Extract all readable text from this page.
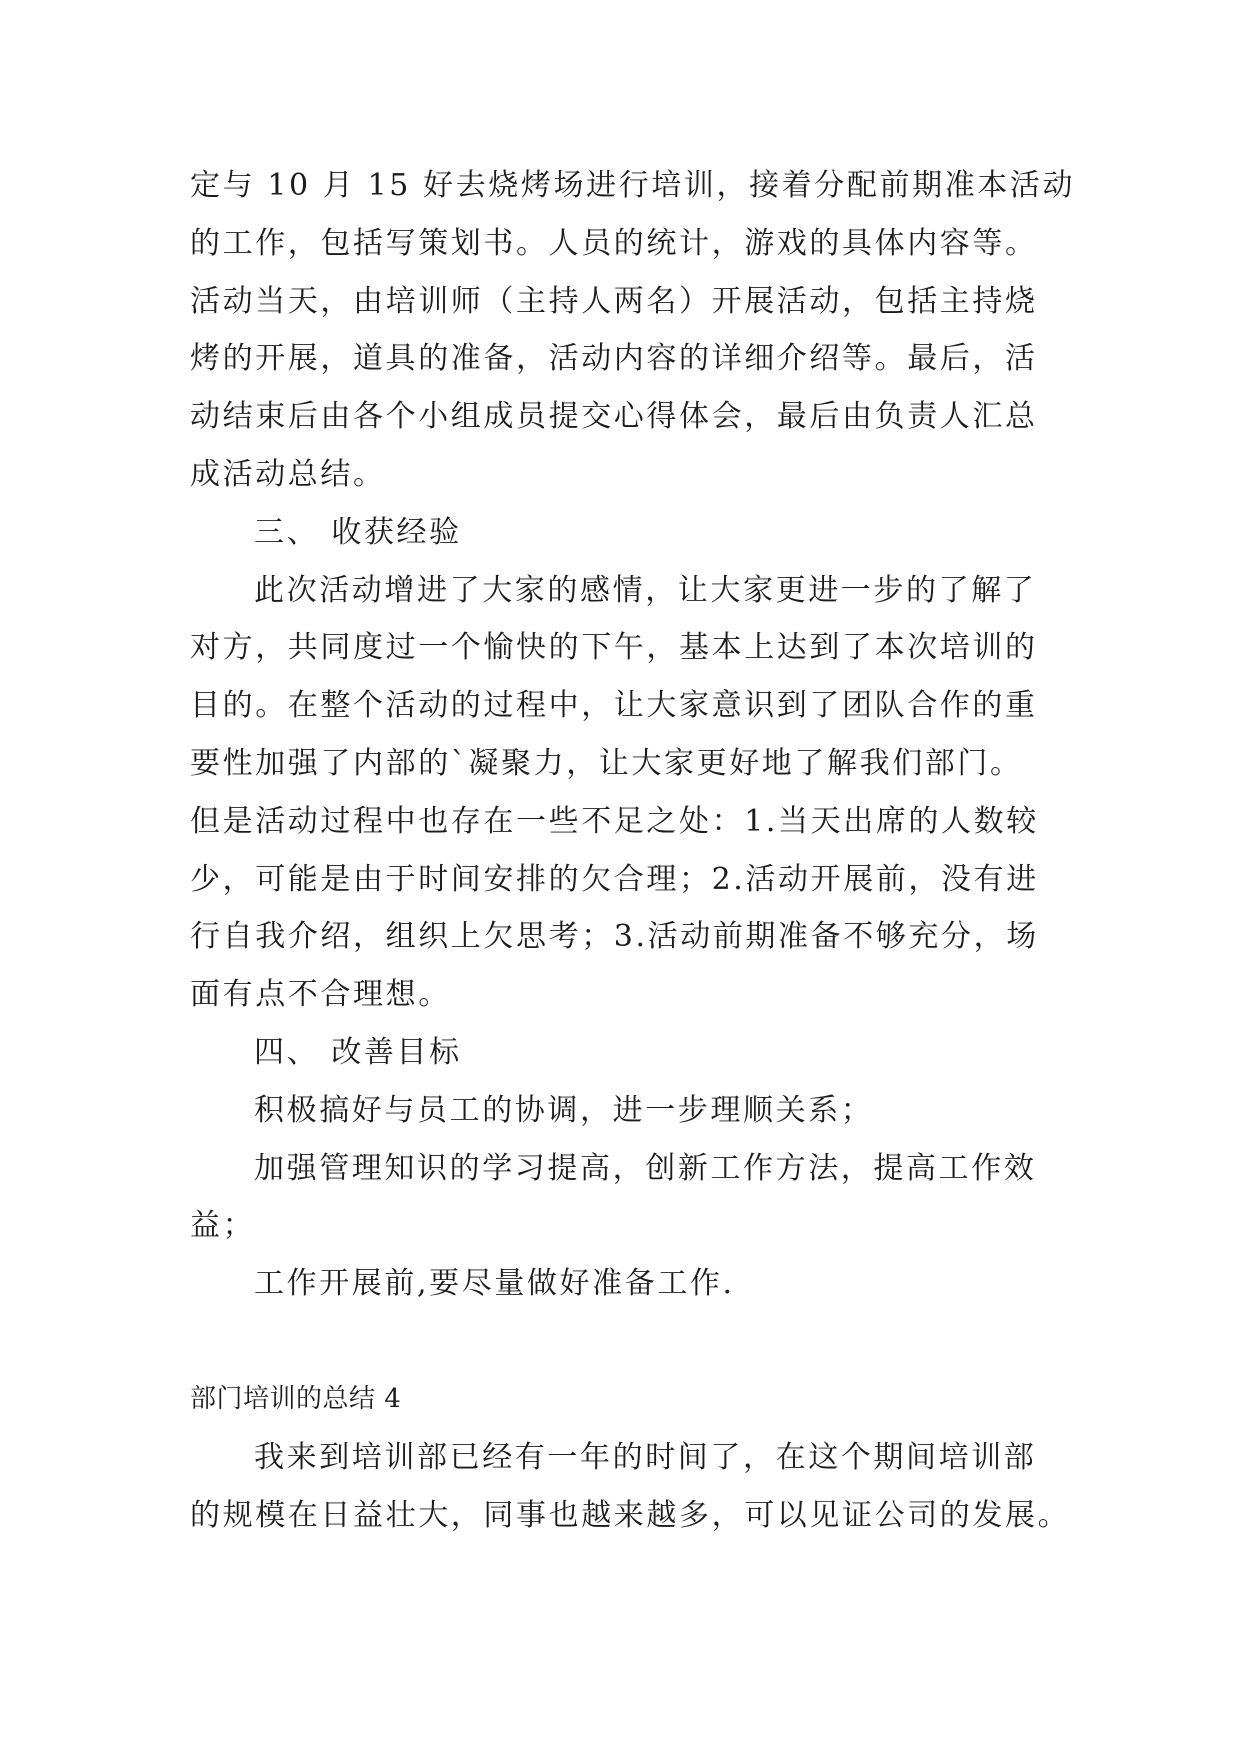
定与 10 月 15 好去烧烤场进行培训，接着分配前期准本活动
的工作，包括写策划书。人员的统计，游戏的具体内容等。
活动当天，由培训师（主持人两名）开展活动，包括主持烧
烤的开展，道具的准备，活动内容的详细介绍等。最后，活
动结束后由各个小组成员提交心得体会，最后由负责人汇总
成活动总结。
三、 收获经验
此次活动增进了大家的感情，让大家更进一步的了解了
对方，共同度过一个愉快的下午，基本上达到了本次培训的
目的。在整个活动的过程中，让大家意识到了团队合作的重
要性加强了内部的`凝聚力，让大家更好地了解我们部门。
但是活动过程中也存在一些不足之处：1.当天出席的人数较
少，可能是由于时间安排的欠合理；2.活动开展前，没有进
行自我介绍，组织上欠思考；3.活动前期准备不够充分，场
面有点不合理想。
四、 改善目标
积极搞好与员工的协调，进一步理顺关系；
加强管理知识的学习提高，创新工作方法，提高工作效
益；
工作开展前,要尽量做好准备工作.
部门培训的总结 4
我来到培训部已经有一年的时间了，在这个期间培训部
的规模在日益壮大，同事也越来越多，可以见证公司的发展。
